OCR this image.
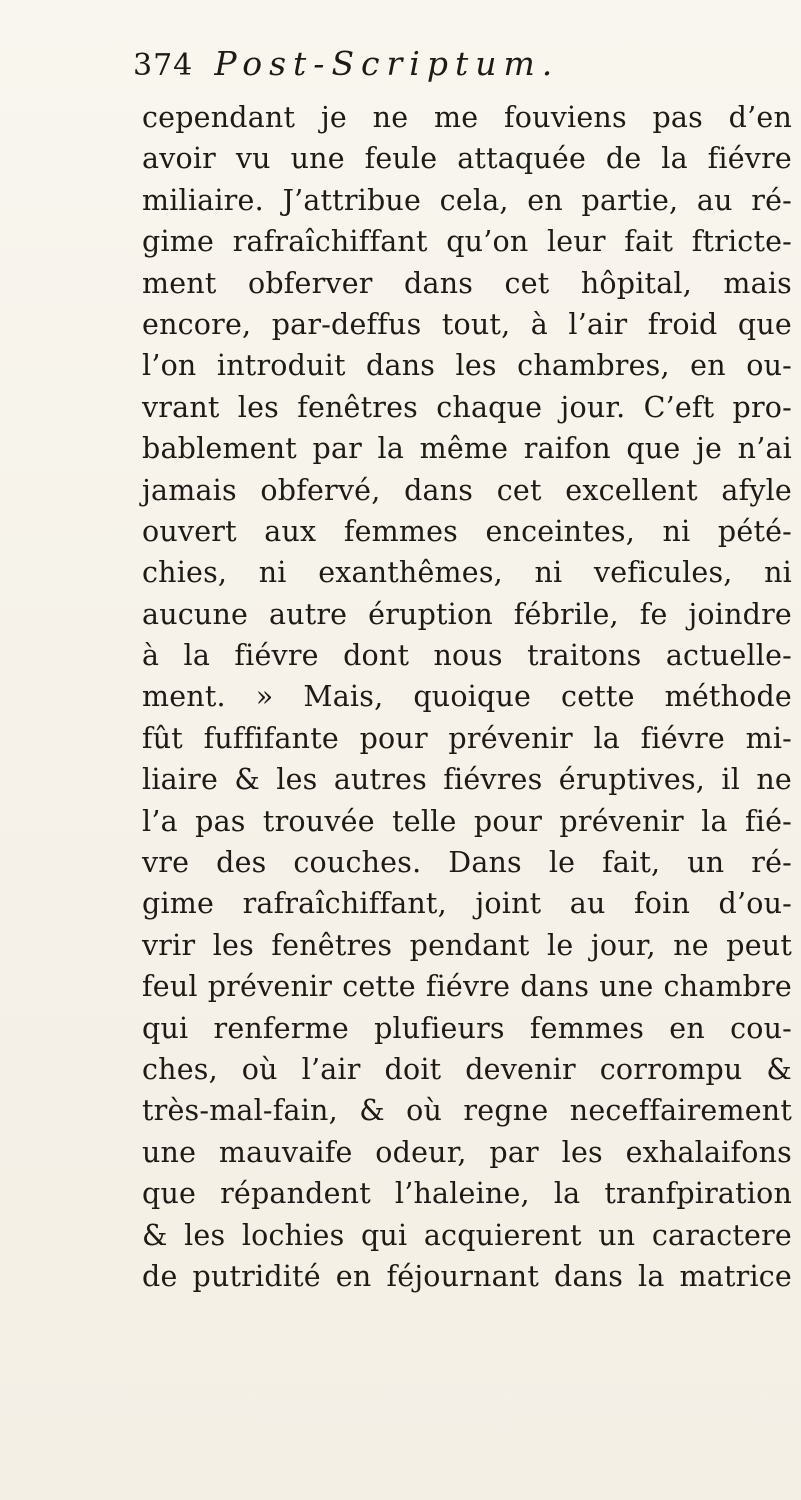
374 Post-Scriptum.
cependant je ne me fouviens pas d’en
avoir vu une feule attaquée de la fiévre
miliaire. J’attribue cela, en partie, au ré-
gime rafraîchiffant qu’on leur fait ftricte-
ment obferver dans cet hôpital, mais
encore, par-deffus tout, à l’air froid que
l’on introduit dans les chambres, en ou-
vrant les fenêtres chaque jour. C’eft pro-
bablement par la même raifon que je n’ai
jamais obfervé, dans cet excellent afyle
ouvert aux femmes enceintes, ni pété-
chies, ni exanthêmes, ni veficules, ni
aucune autre éruption fébrile, fe joindre
à la fiévre dont nous traitons actuelle-
ment. » Mais, quoique cette méthode
fût fuffifante pour prévenir la fiévre mi-
liaire & les autres fiévres éruptives, il ne
l’a pas trouvée telle pour prévenir la fié-
vre des couches. Dans le fait, un ré-
gime rafraîchiffant, joint au foin d’ou-
vrir les fenêtres pendant le jour, ne peut
feul prévenir cette fiévre dans une chambre
qui renferme plufieurs femmes en cou-
ches, où l’air doit devenir corrompu &
très-mal-fain, & où regne neceffairement
une mauvaife odeur, par les exhalaifons
que répandent l’haleine, la tranfpiration
& les lochies qui acquierent un caractere
de putridité en féjournant dans la matrice
